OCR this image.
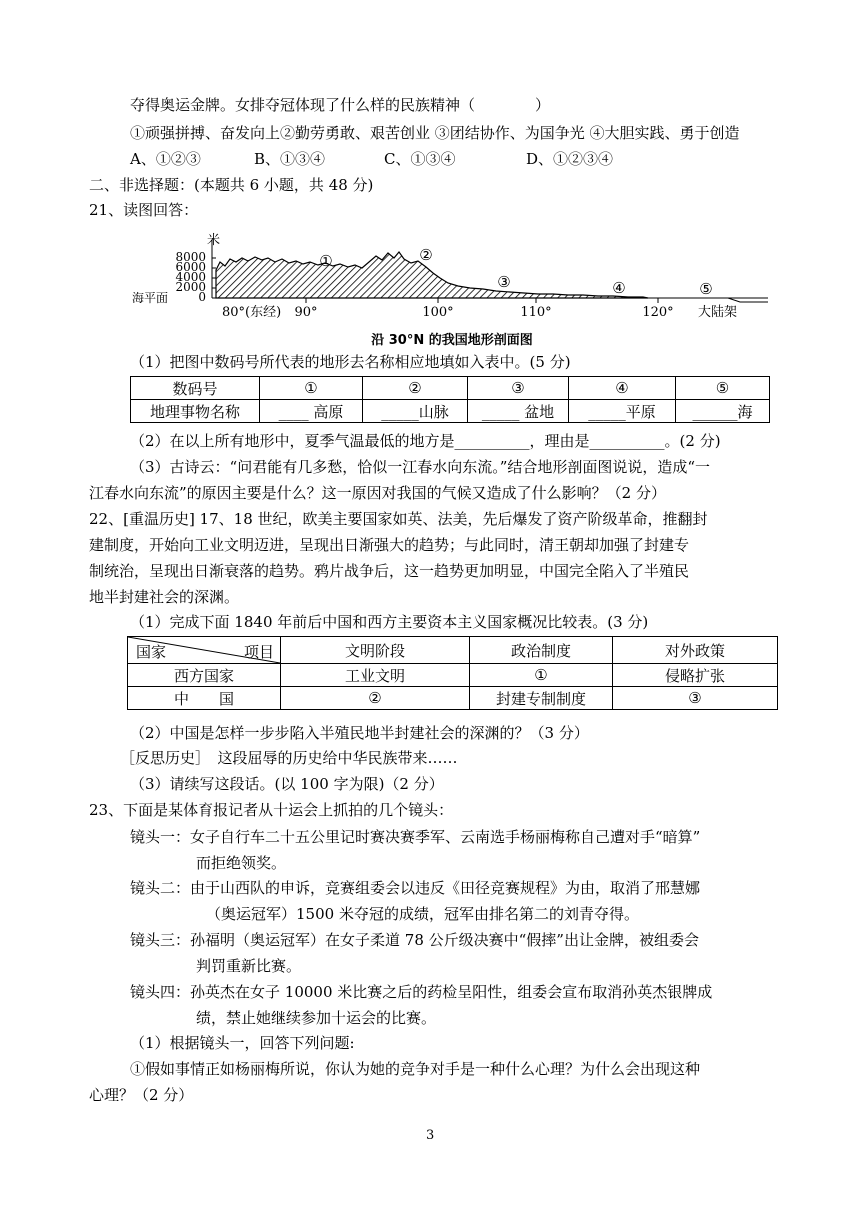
夺得奥运金牌。女排夺冠体现了什么样的民族精神（　　　　）
①顽强拼搏、奋发向上②勤劳勇敢、艰苦创业 ③团结协作、为国争光 ④大胆实践、勇于创造
A、①②③	B、①③④	C、①③④	D、①②③④
二、非选择题：(本题共 6 小题，共 48 分)
21、读图回答：
米
8000
6000
4000
2000
0
海平面
①	②
③	④	⑤
80°(东经) 90°	100°	110°	120° 大陆架
沿 30°N 的我国地形剖面图
（1）把图中数码号所代表的地形去名称相应地填如入表中。(5 分)
数码号	①	②	③	④	⑤
地理事物名称	____ 高原	_____山脉	_____ 盆地	_____平原	______海
（2）在以上所有地形中，夏季气温最低的地方是__________，理由是__________。(2 分)
（3）古诗云：“问君能有几多愁，恰似一江春水向东流。”结合地形剖面图说说，造成“一
江春水向东流”的原因主要是什么？这一原因对我国的气候又造成了什么影响？（2 分）
22、[重温历史] 17、18 世纪，欧美主要国家如英、法美，先后爆发了资产阶级革命，推翻封
建制度，开始向工业文明迈进，呈现出日渐强大的趋势；与此同时，清王朝却加强了封建专
制统治，呈现出日渐衰落的趋势。鸦片战争后，这一趋势更加明显，中国完全陷入了半殖民
地半封建社会的深渊。
（1）完成下面 1840 年前后中国和西方主要资本主义国家概况比较表。(3 分)
国家 项目	文明阶段	政治制度	对外政策
西方国家	工业文明	①	侵略扩张
中　　国	②	封建专制制度	③
（2）中国是怎样一步步陷入半殖民地半封建社会的深渊的？（3 分）
［反思历史］　这段屈辱的历史给中华民族带来……
（3）请续写这段话。(以 100 字为限)（2 分）
23、下面是某体育报记者从十运会上抓拍的几个镜头：
镜头一：女子自行车二十五公里记时赛决赛季军、云南选手杨丽梅称自己遭对手“暗算”
而拒绝领奖。
镜头二：由于山西队的申诉，竞赛组委会以违反《田径竞赛规程》为由，取消了邢慧娜
（奥运冠军）1500 米夺冠的成绩，冠军由排名第二的刘青夺得。
镜头三：孙福明（奥运冠军）在女子柔道 78 公斤级决赛中“假摔”出让金牌，被组委会
判罚重新比赛。
镜头四：孙英杰在女子 10000 米比赛之后的药检呈阳性，组委会宣布取消孙英杰银牌成
绩，禁止她继续参加十运会的比赛。
（1）根据镜头一，回答下列问题:
①假如事情正如杨丽梅所说，你认为她的竞争对手是一种什么心理？为什么会出现这种
心理？（2 分）
3
